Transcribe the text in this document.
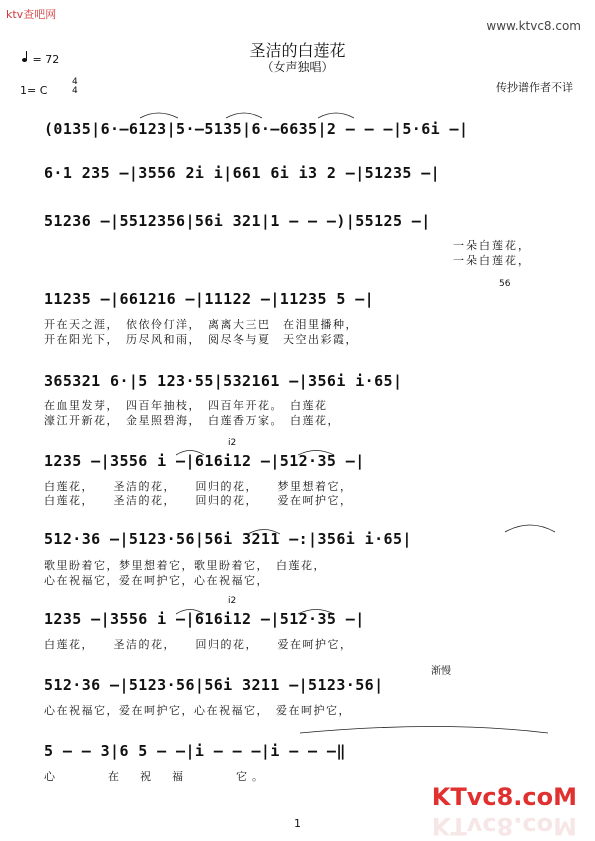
ktv查吧网
www.ktvc8.com
圣洁的白莲花
（女声独唱）
= 72
1= C
4
4	传抄谱作者不详
(0135|6·–6123|5·–5135|6·–6635|2 – – –|5·6i –|
6·1 235 –|3556 2i i|661 6i i3 2 –|51235 –|
51236 –|5512356|56i 321|1 – – –)|55125 –|
一朵白莲花，
一朵白莲花，
11235 –|661216 –|11122 –|11235 5 –|
56
开在天之涯，　依依伶仃洋，　离离大三巴　在泪里播种，
开在阳光下，　历尽风和雨，　阅尽冬与夏　天空出彩霞，
365321 6·|5 123·55|532161 –|356i i·65|
在血里发芽，　四百年抽枝，　四百年开花。　白莲花
濠江开新花，　金星照碧海，　白莲香万家。　白莲花，
1235 –|3556 i –|616i12 –|512·35 –|
i2
白莲花，　　圣洁的花，　　回归的花，　　梦里想着它，
白莲花，　　圣洁的花，　　回归的花，　　爱在呵护它，
512·36 –|5123·56|56i 3211 –:|356i i·65|
歌里盼着它，梦里想着它，歌里盼着它，　白莲花，
心在祝福它，爱在呵护它，心在祝福它，
1235 –|3556 i –|616i12 –|512·35 –|
i2
白莲花，　　圣洁的花，　　回归的花，　　爱在呵护它，
渐慢
512·36 –|5123·56|56i 3211 –|5123·56|
心在祝福它，爱在呵护它，心在祝福它，　爱在呵护它，
5 – – 3|6 5 – –|i – – –|i – – –‖
心　　　在　祝　福　　　它。
KTvc8.coM
KTvc8.coM
1
